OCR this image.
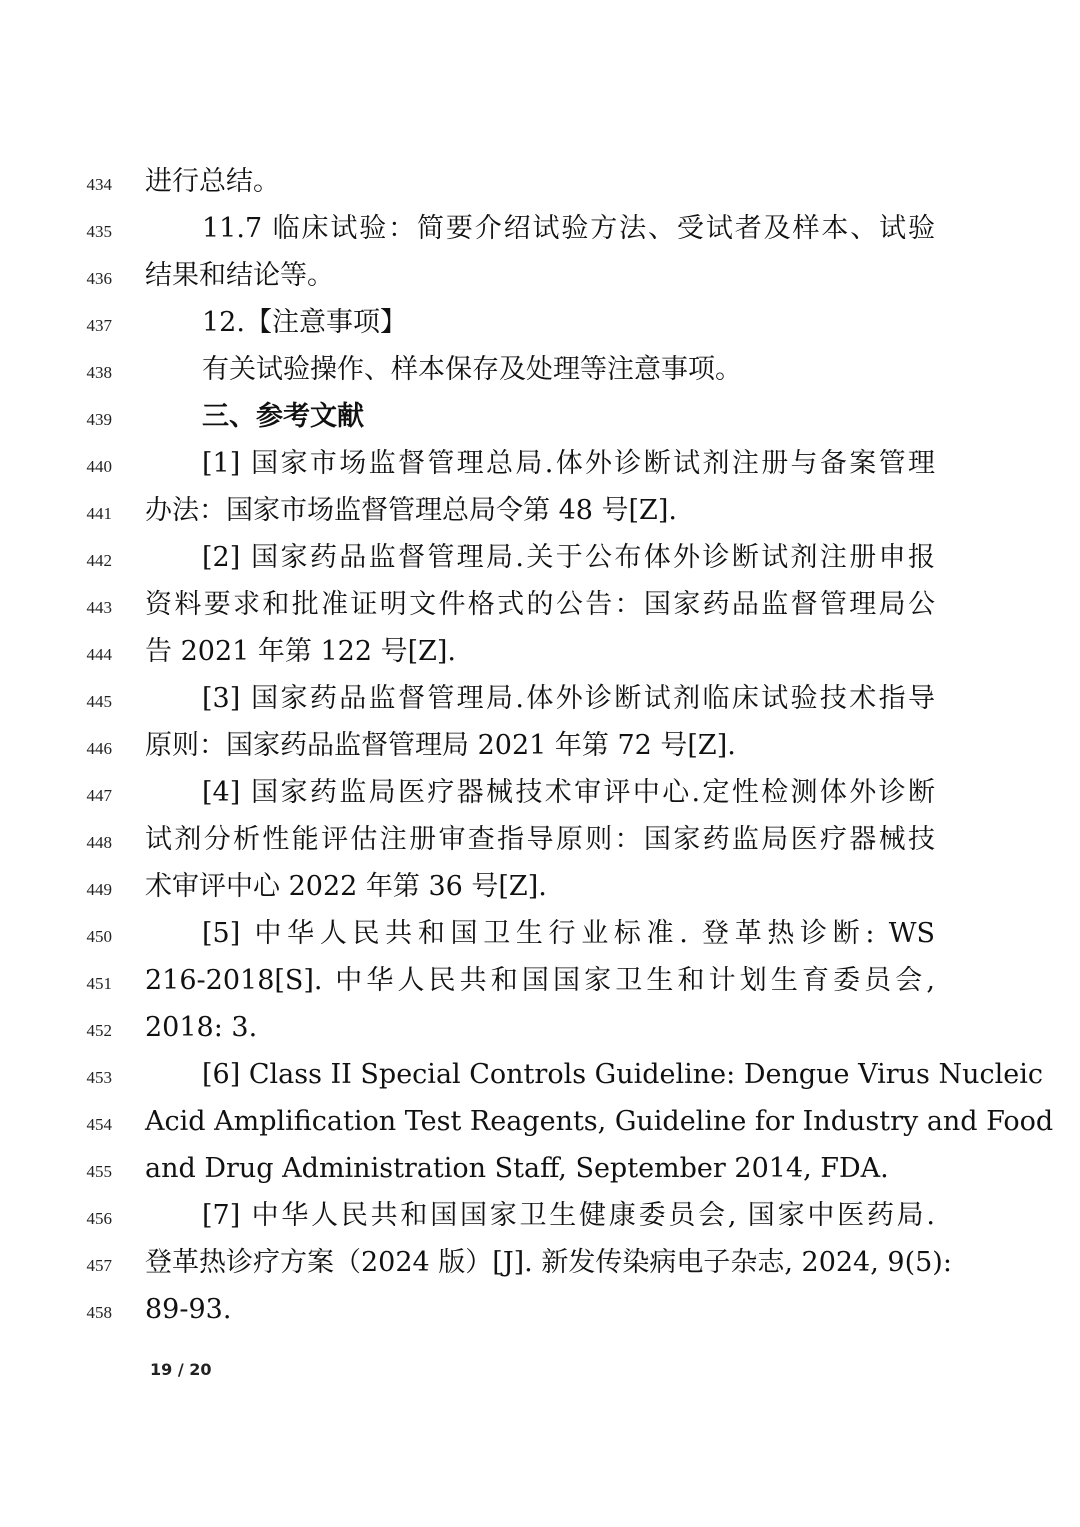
434 进行总结。
435	11.7 临床试验：简要介绍试验方法、受试者及样本、试验
436 结果和结论等。
437	12.【注意事项】
438	有关试验操作、样本保存及处理等注意事项。
439	三、参考文献
440	[1] 国家市场监督管理总局.体外诊断试剂注册与备案管理
441 办法：国家市场监督管理总局令第 48 号[Z].
442	[2] 国家药品监督管理局.关于公布体外诊断试剂注册申报
443 资料要求和批准证明文件格式的公告：国家药品监督管理局公
444 告 2021 年第 122 号[Z].
445	[3] 国家药品监督管理局.体外诊断试剂临床试验技术指导
446 原则：国家药品监督管理局 2021 年第 72 号[Z].
447	[4] 国家药监局医疗器械技术审评中心.定性检测体外诊断
448 试剂分析性能评估注册审查指导原则：国家药监局医疗器械技
449 术审评中心 2022 年第 36 号[Z].
450	[5] 中华人民共和国卫生行业标准. 登革热诊断: WS
451 216-2018[S]. 中华人民共和国国家卫生和计划生育委员会,
452 2018: 3.
453	[6] Class II Special Controls Guideline: Dengue Virus Nucleic
454 Acid Amplification Test Reagents, Guideline for Industry and Food
455 and Drug Administration Staff, September 2014, FDA.
456	[7] 中华人民共和国国家卫生健康委员会, 国家中医药局.
457 登革热诊疗方案（2024 版）[J]. 新发传染病电子杂志, 2024, 9(5):
458 89-93.
19 / 20
